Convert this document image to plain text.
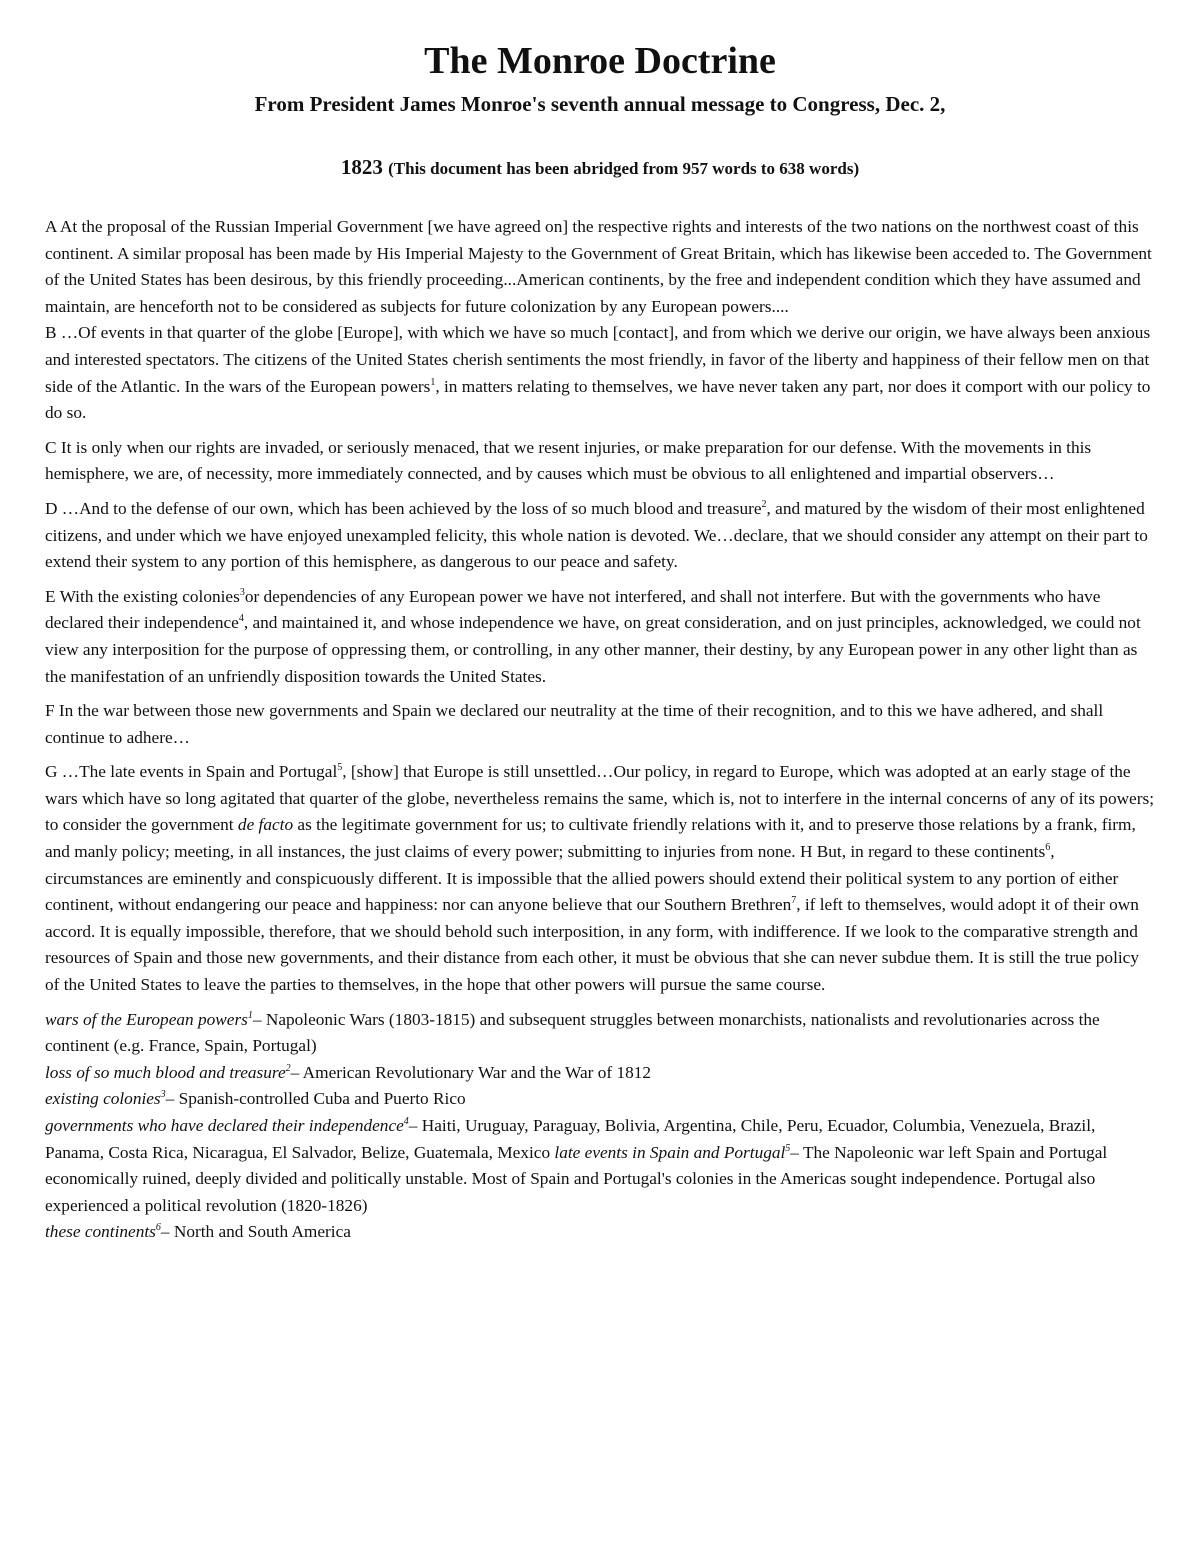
The Monroe Doctrine
From President James Monroe's seventh annual message to Congress, Dec. 2,
1823 (This document has been abridged from 957 words to 638 words)

A At the proposal of the Russian Imperial Government [we have agreed on] the respective rights and interests of the two nations on the northwest coast of this continent. A similar proposal has been made by His Imperial Majesty to the Government of Great Britain, which has likewise been acceded to. The Government of the United States has been desirous, by this friendly proceeding...American continents, by the free and independent condition which they have assumed and maintain, are henceforth not to be considered as subjects for future colonization by any European powers....
B …Of events in that quarter of the globe [Europe], with which we have so much [contact], and from which we derive our origin, we have always been anxious and interested spectators. The citizens of the United States cherish sentiments the most friendly, in favor of the liberty and happiness of their fellow men on that side of the Atlantic. In the wars of the European powers$^1$, in matters relating to themselves, we have never taken any part, nor does it comport with our policy to do so.

C It is only when our rights are invaded, or seriously menaced, that we resent injuries, or make preparation for our defense. With the movements in this hemisphere, we are, of necessity, more immediately connected, and by causes which must be obvious to all enlightened and impartial observers…

D …And to the defense of our own, which has been achieved by the loss of so much blood and treasure$^2$, and matured by the wisdom of their most enlightened citizens, and under which we have enjoyed unexampled felicity, this whole nation is devoted. We…declare, that we should consider any attempt on their part to extend their system to any portion of this hemisphere, as dangerous to our peace and safety.

E With the existing colonies$^3$or dependencies of any European power we have not interfered, and shall not interfere. But with the governments who have declared their independence$^4$, and maintained it, and whose independence we have, on great consideration, and on just principles, acknowledged, we could not view any interposition for the purpose of oppressing them, or controlling, in any other manner, their destiny, by any European power in any other light than as the manifestation of an unfriendly disposition towards the United States.

F In the war between those new governments and Spain we declared our neutrality at the time of their recognition, and to this we have adhered, and shall continue to adhere…

G …The late events in Spain and Portugal$^5$, [show] that Europe is still unsettled…Our policy, in regard to Europe, which was adopted at an early stage of the wars which have so long agitated that quarter of the globe, nevertheless remains the same, which is, not to interfere in the internal concerns of any of its powers; to consider the government de facto as the legitimate government for us; to cultivate friendly relations with it, and to preserve those relations by a frank, firm, and manly policy; meeting, in all instances, the just claims of every power; submitting to injuries from none. H But, in regard to these continents$^6$, circumstances are eminently and conspicuously different. It is impossible that the allied powers should extend their political system to any portion of either continent, without endangering our peace and happiness: nor can anyone believe that our Southern Brethren$^7$, if left to themselves, would adopt it of their own accord. It is equally impossible, therefore, that we should behold such interposition, in any form, with indifference. If we look to the comparative strength and resources of Spain and those new governments, and their distance from each other, it must be obvious that she can never subdue them. It is still the true policy of the United States to leave the parties to themselves, in the hope that other powers will pursue the same course.

wars of the European powers$^1$– Napoleonic Wars (1803-1815) and subsequent struggles between monarchists, nationalists and revolutionaries across the continent (e.g. France, Spain, Portugal)

loss of so much blood and treasure$^2$– American Revolutionary War and the War of 1812

existing colonies$^3$– Spanish-controlled Cuba and Puerto Rico

governments who have declared their independence$^4$– Haiti, Uruguay, Paraguay, Bolivia, Argentina, Chile, Peru, Ecuador, Columbia, Venezuela, Brazil, Panama, Costa Rica, Nicaragua, El Salvador, Belize, Guatemala, Mexico late events in Spain and Portugal$^5$– The Napoleonic war left Spain and Portugal economically ruined, deeply divided and politically unstable. Most of Spain and Portugal's colonies in the Americas sought independence. Portugal also experienced a political revolution (1820-1826)

these continents$^6$– North and South America
